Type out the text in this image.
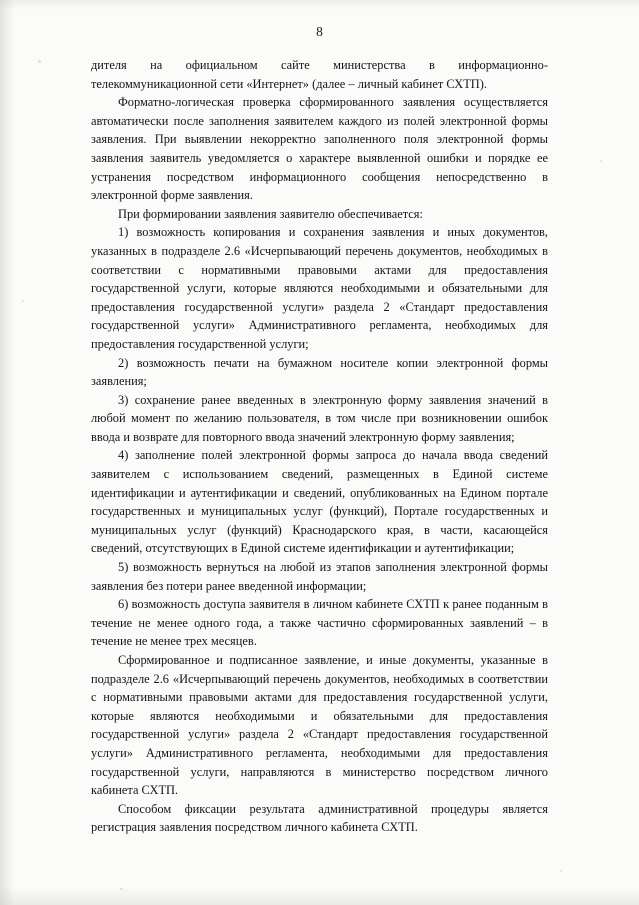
8

дителя на официальном сайте министерства в информационно-телекоммуникационной сети «Интернет» (далее – личный кабинет СХТП).

Форматно-логическая проверка сформированного заявления осуществляется автоматически после заполнения заявителем каждого из полей электронной формы заявления. При выявлении некорректно заполненного поля электронной формы заявления заявитель уведомляется о характере выявленной ошибки и порядке ее устранения посредством информационного сообщения непосредственно в электронной форме заявления.

При формировании заявления заявителю обеспечивается:

1) возможность копирования и сохранения заявления и иных документов, указанных в подразделе 2.6 «Исчерпывающий перечень документов, необходимых в соответствии с нормативными правовыми актами для предоставления государственной услуги, которые являются необходимыми и обязательными для предоставления государственной услуги» раздела 2 «Стандарт предоставления государственной услуги» Административного регламента, необходимых для предоставления государственной услуги;

2) возможность печати на бумажном носителе копии электронной формы заявления;

3) сохранение ранее введенных в электронную форму заявления значений в любой момент по желанию пользователя, в том числе при возникновении ошибок ввода и возврате для повторного ввода значений электронную форму заявления;

4) заполнение полей электронной формы запроса до начала ввода сведений заявителем с использованием сведений, размещенных в Единой системе идентификации и аутентификации и сведений, опубликованных на Едином портале государственных и муниципальных услуг (функций), Портале государственных и муниципальных услуг (функций) Краснодарского края, в части, касающейся сведений, отсутствующих в Единой системе идентификации и аутентификации;

5) возможность вернуться на любой из этапов заполнения электронной формы заявления без потери ранее введенной информации;

6) возможность доступа заявителя в личном кабинете СХТП к ранее поданным в течение не менее одного года, а также частично сформированных заявлений – в течение не менее трех месяцев.

Сформированное и подписанное заявление, и иные документы, указанные в подразделе 2.6 «Исчерпывающий перечень документов, необходимых в соответствии с нормативными правовыми актами для предоставления государственной услуги, которые являются необходимыми и обязательными для предоставления государственной услуги» раздела 2 «Стандарт предоставления государственной услуги» Административного регламента, необходимыми для предоставления государственной услуги, направляются в министерство посредством личного кабинета СХТП.

Способом фиксации результата административной процедуры является регистрация заявления посредством личного кабинета СХТП.
